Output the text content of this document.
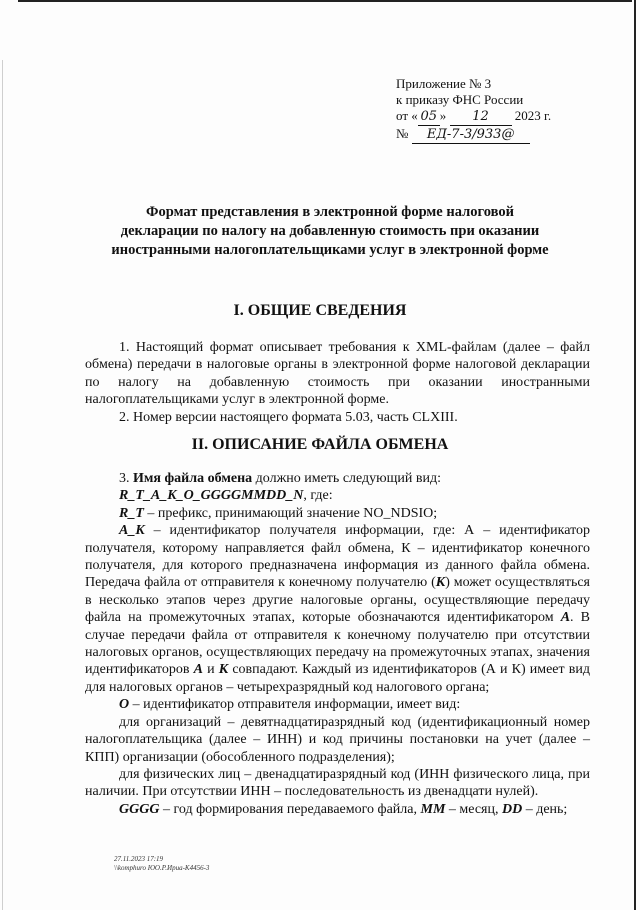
Приложение № 3
к приказу ФНС России
от « 05 » 12 2023 г.
№ ЕД-7-3/933@
Формат представления в электронной форме налоговой
декларации по налогу на добавленную стоимость при оказании
иностранными налогоплательщиками услуг в электронной форме
I. ОБЩИЕ СВЕДЕНИЯ

1. Настоящий формат описывает требования к XML-файлам (далее – файл обмена) передачи в налоговые органы в электронной форме налоговой декларации по налогу на добавленную стоимость при оказании иностранными налогоплательщиками услуг в электронной форме.

2. Номер версии настоящего формата 5.03, часть CLXIII.

II. ОПИСАНИЕ ФАЙЛА ОБМЕНА

3. Имя файла обмена должно иметь следующий вид:

R_T_A_K_O_GGGGMMDD_N, где:

R_T – префикс, принимающий значение NO_NDSIO;

A_K – идентификатор получателя информации, где: А – идентификатор получателя, которому направляется файл обмена, К – идентификатор конечного получателя, для которого предназначена информация из данного файла обмена. Передача файла от отправителя к конечному получателю (К) может осуществляться в несколько этапов через другие налоговые органы, осуществляющие передачу файла на промежуточных этапах, которые обозначаются идентификатором А. В случае передачи файла от отправителя к конечному получателю при отсутствии налоговых органов, осуществляющих передачу на промежуточных этапах, значения идентификаторов А и К совпадают. Каждый из идентификаторов (А и К) имеет вид для налоговых органов – четырехразрядный код налогового органа;

О – идентификатор отправителя информации, имеет вид:

для организаций – девятнадцатиразрядный код (идентификационный номер налогоплательщика (далее – ИНН) и код причины постановки на учет (далее – КПП) организации (обособленного подразделения);

для физических лиц – двенадцатиразрядный код (ИНН физического лица, при наличии. При отсутствии ИНН – последовательность из двенадцати нулей).

GGGG – год формирования передаваемого файла, MM – месяц, DD – день;

27.11.2023 17:19
\\komphuro ЮО.Р.Ириа-К4456-3
